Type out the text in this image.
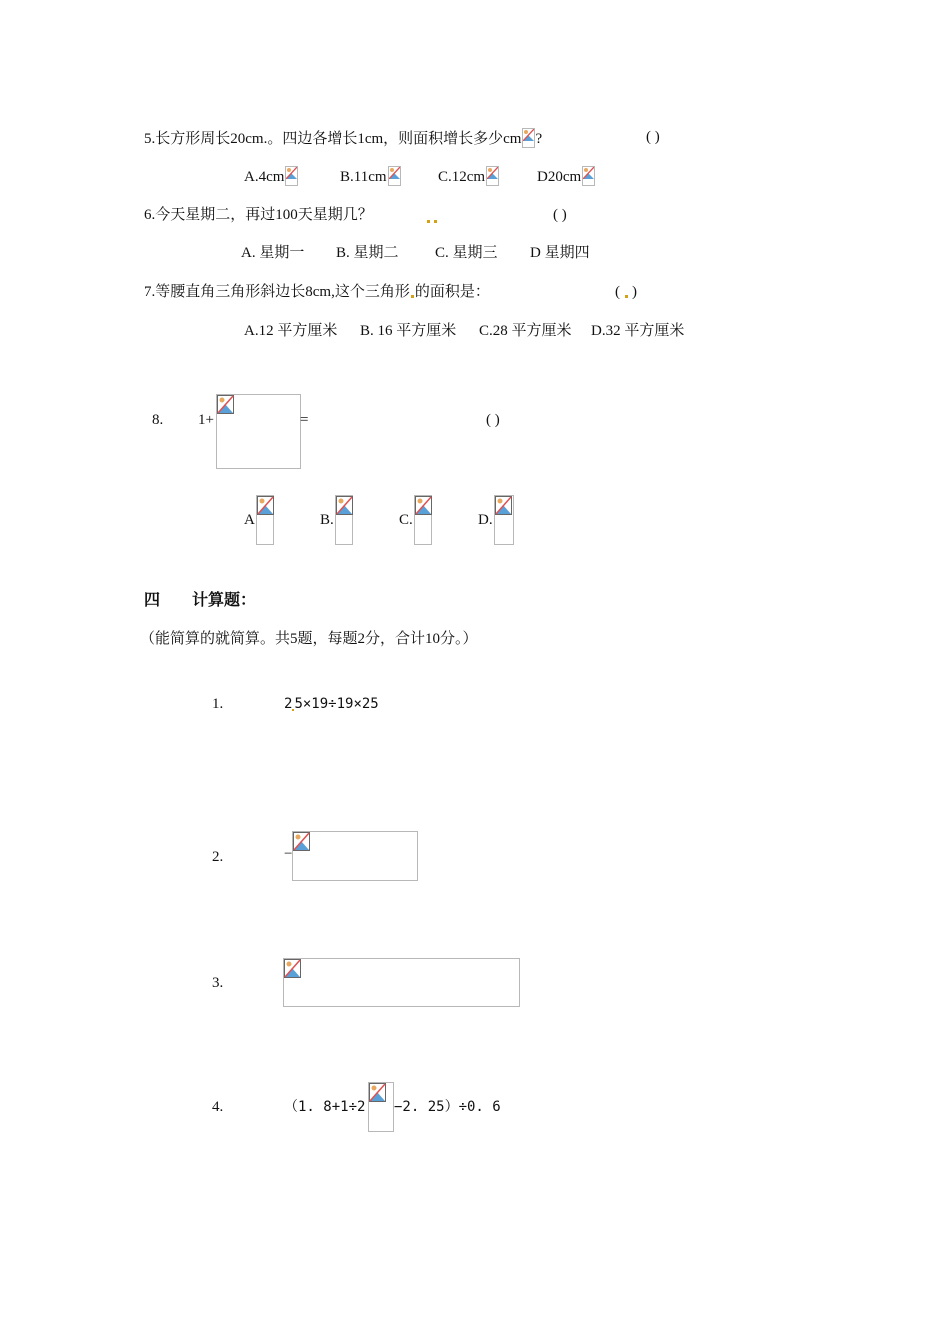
5.长方形周长20cm.。四边各增长1cm，则面积增长多少cm ?	( )
A.4cm	B.11cm	C.12cm	D20cm
6.今天星期二，再过100天星期几？	( )
A. 星期一 B. 星期二 C. 星期三 D 星期四
7.等腰直角三角形斜边长8cm,这个三角形 的面积是：	( )
A.12 平方厘米 B. 16 平方厘米 C.28 平方厘米 D.32 平方厘米
8. 1+	=	( )
A	B.	C.	D.
四 计算题：
（能简算的就简算。共5题，每题2分，合计10分。）
1.	2 5×19÷19×25
2.	−
3.
4.	（1. 8+1÷2 −2. 25）÷0. 6
